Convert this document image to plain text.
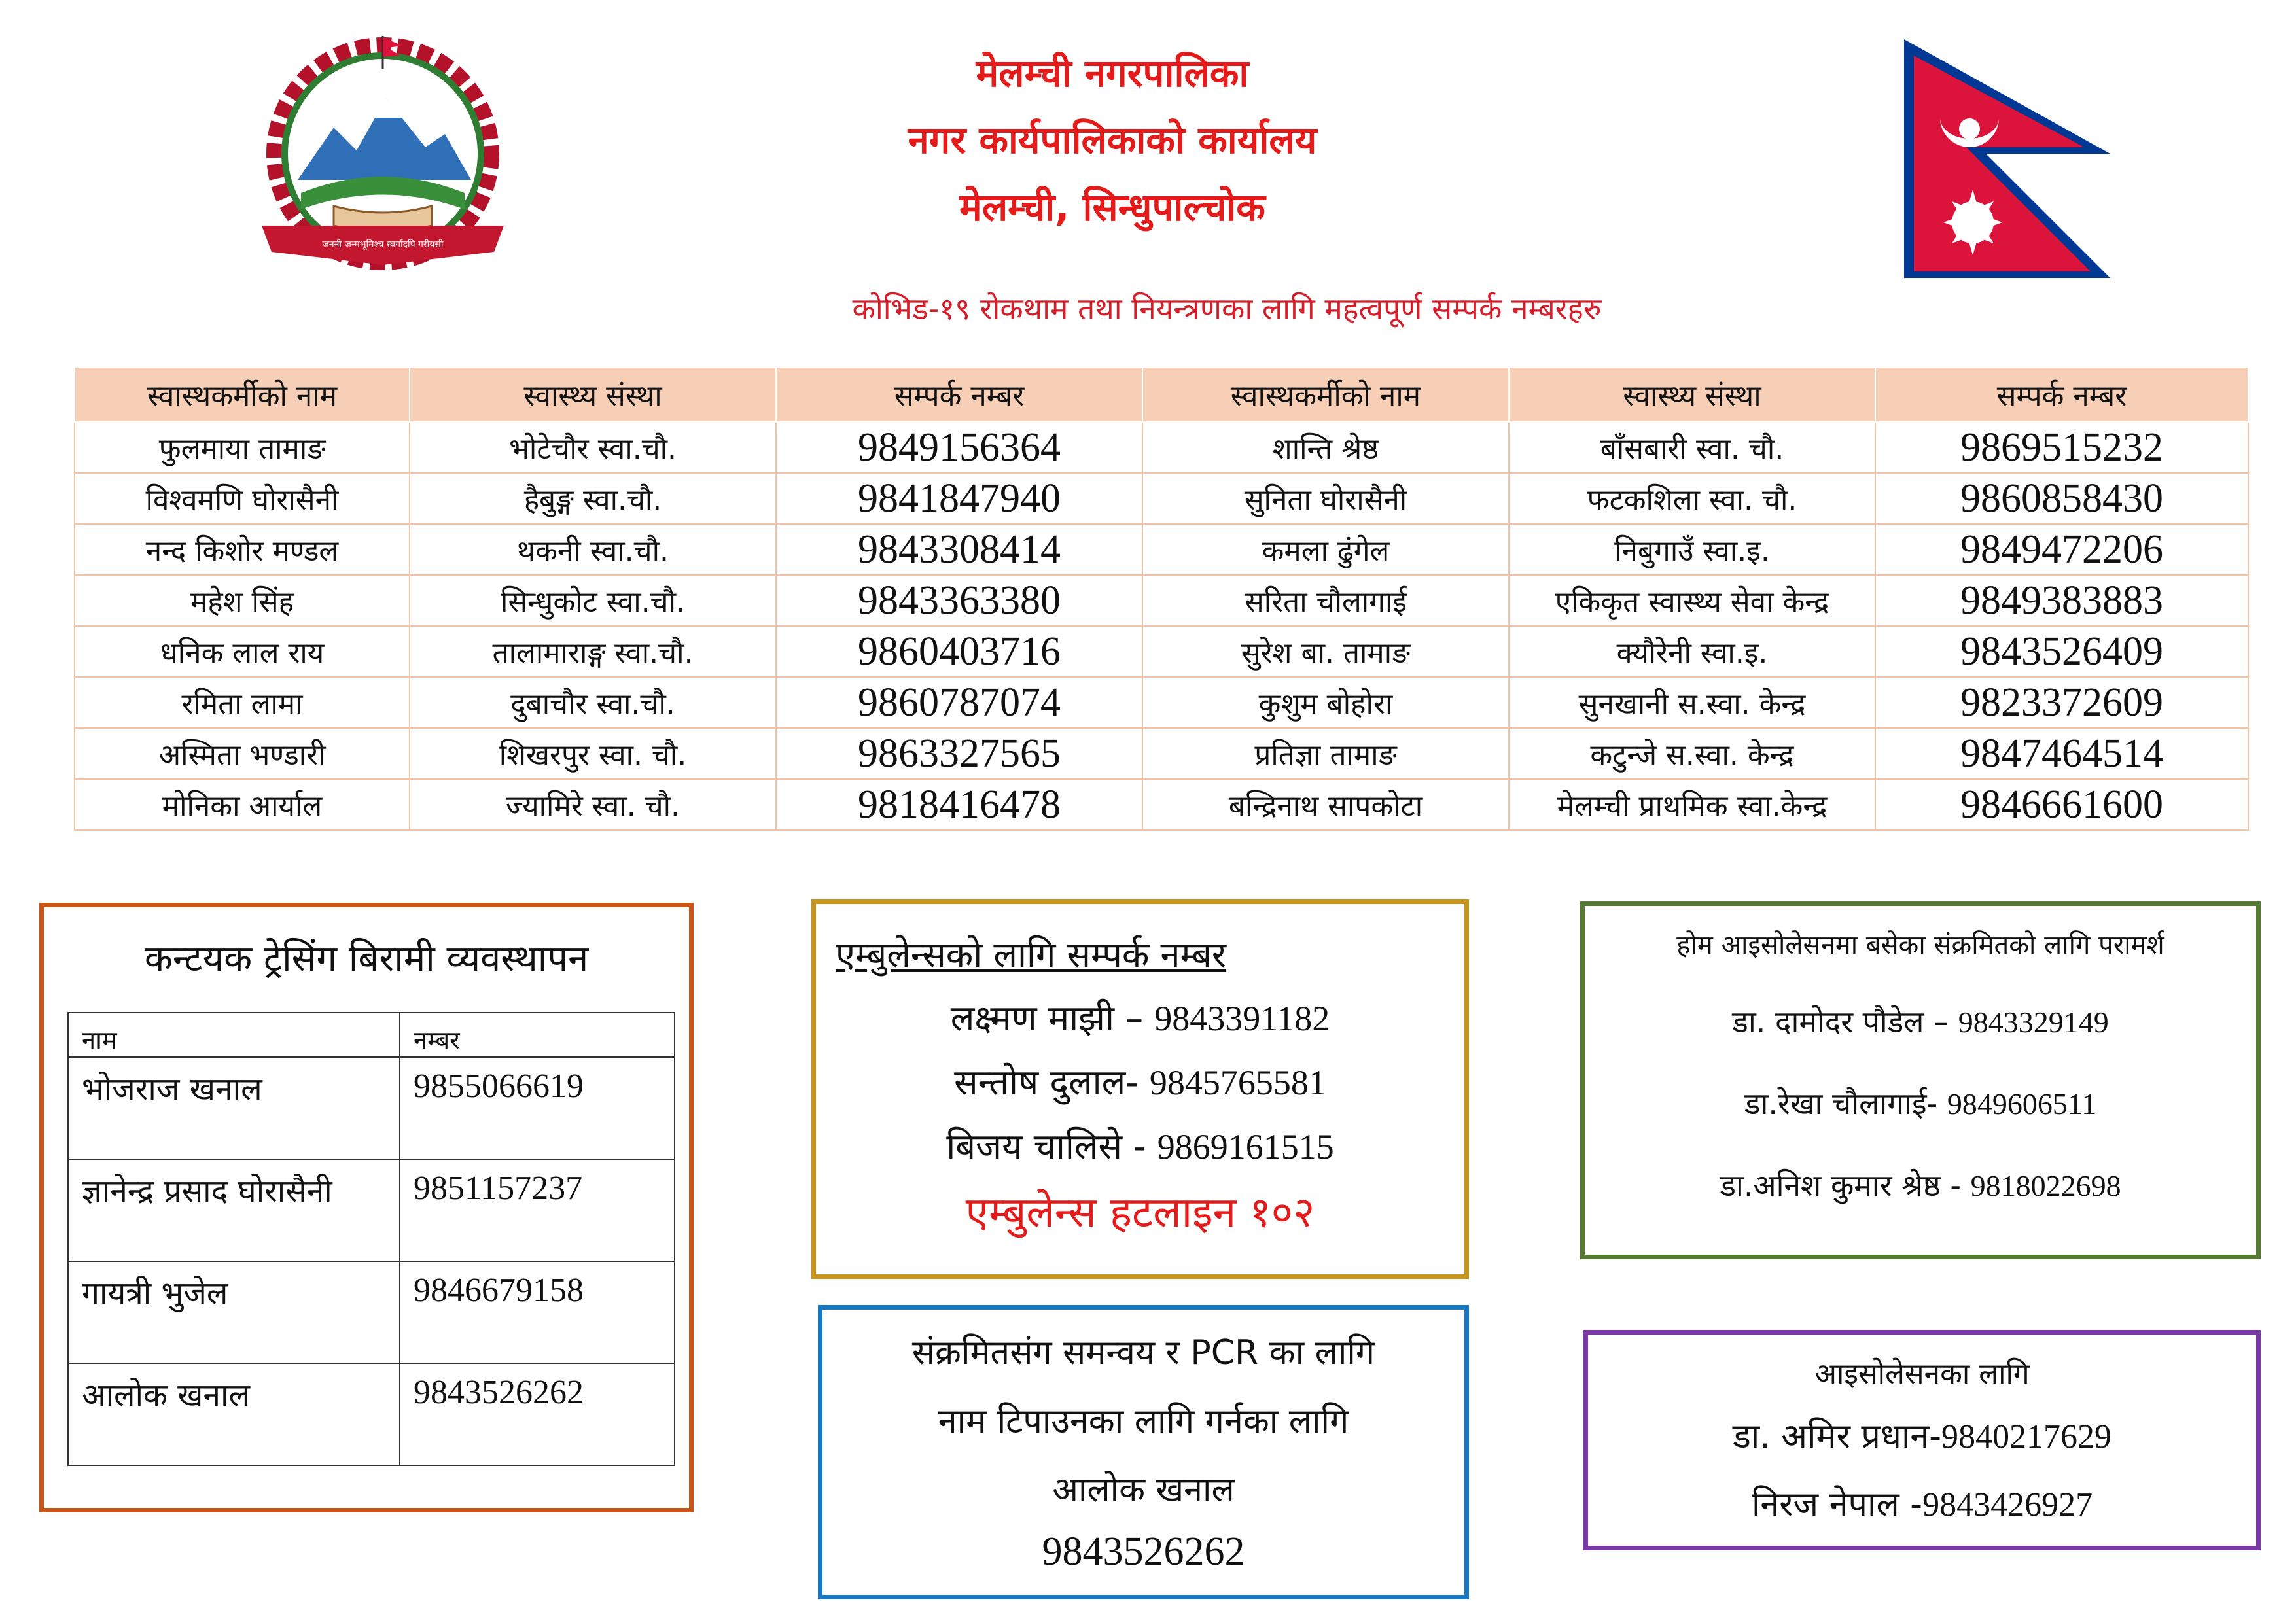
जननी जन्मभूमिश्च स्वर्गादपि गरीयसी
मेलम्ची नगरपालिका
नगर कार्यपालिकाको कार्यालय
मेलम्ची, सिन्धुपाल्चोक
कोभिड-१९ रोकथाम तथा नियन्त्रणका लागि महत्वपूर्ण सम्पर्क नम्बरहरु
स्वास्थकर्मीको नाम	स्वास्थ्य संस्था	सम्पर्क नम्बर	स्वास्थकर्मीको नाम	स्वास्थ्य संस्था	सम्पर्क नम्बर
फुलमाया तामाङ	भोटेचौर स्वा.चौ.	9849156364	शान्ति श्रेष्ठ	बाँसबारी स्वा. चौ.	9869515232
विश्वमणि घोरासैनी	हैबुङ्ग स्वा.चौ.	9841847940	सुनिता घोरासैनी	फटकशिला स्वा. चौ.	9860858430
नन्द किशोर मण्डल	थकनी स्वा.चौ.	9843308414	कमला ढुंगेल	निबुगाउँ स्वा.इ.	9849472206
महेश सिंह	सिन्धुकोट स्वा.चौ.	9843363380	सरिता चौलागाई	एकिकृत स्वास्थ्य सेवा केन्द्र	9849383883
धनिक लाल राय	तालामाराङ्ग स्वा.चौ.	9860403716	सुरेश बा. तामाङ	क्यौरेनी स्वा.इ.	9843526409
रमिता लामा	दुबाचौर स्वा.चौ.	9860787074	कुशुम बोहोरा	सुनखानी स.स्वा. केन्द्र	9823372609
अस्मिता भण्डारी	शिखरपुर स्वा. चौ.	9863327565	प्रतिज्ञा तामाङ	कटुन्जे स.स्वा. केन्द्र	9847464514
मोनिका आर्याल	ज्यामिरे स्वा. चौ.	9818416478	बन्द्रिनाथ सापकोटा	मेलम्ची प्राथमिक स्वा.केन्द्र	9846661600
कन्टयक ट्रेसिंग बिरामी व्यवस्थापन
नाम	नम्बर
भोजराज खनाल	9855066619
ज्ञानेन्द्र प्रसाद घोरासैनी	9851157237
गायत्री भुजेल	9846679158
आलोक खनाल	9843526262
एम्बुलेन्सको लागि सम्पर्क नम्बर
लक्ष्मण माझी – 9843391182
सन्तोष दुलाल- 9845765581
बिजय चालिसे - 9869161515
एम्बुलेन्स हटलाइन १०२
होम आइसोलेसनमा बसेका संक्रमितको लागि परामर्श
डा. दामोदर पौडेल – 9843329149
डा.रेखा चौलागाई- 9849606511
डा.अनिश कुमार श्रेष्ठ - 9818022698
संक्रमितसंग समन्वय र PCR का लागि
नाम टिपाउनका लागि गर्नका लागि
आलोक खनाल
9843526262
आइसोलेसनका लागि
डा. अमिर प्रधान-9840217629
निरज नेपाल -9843426927
